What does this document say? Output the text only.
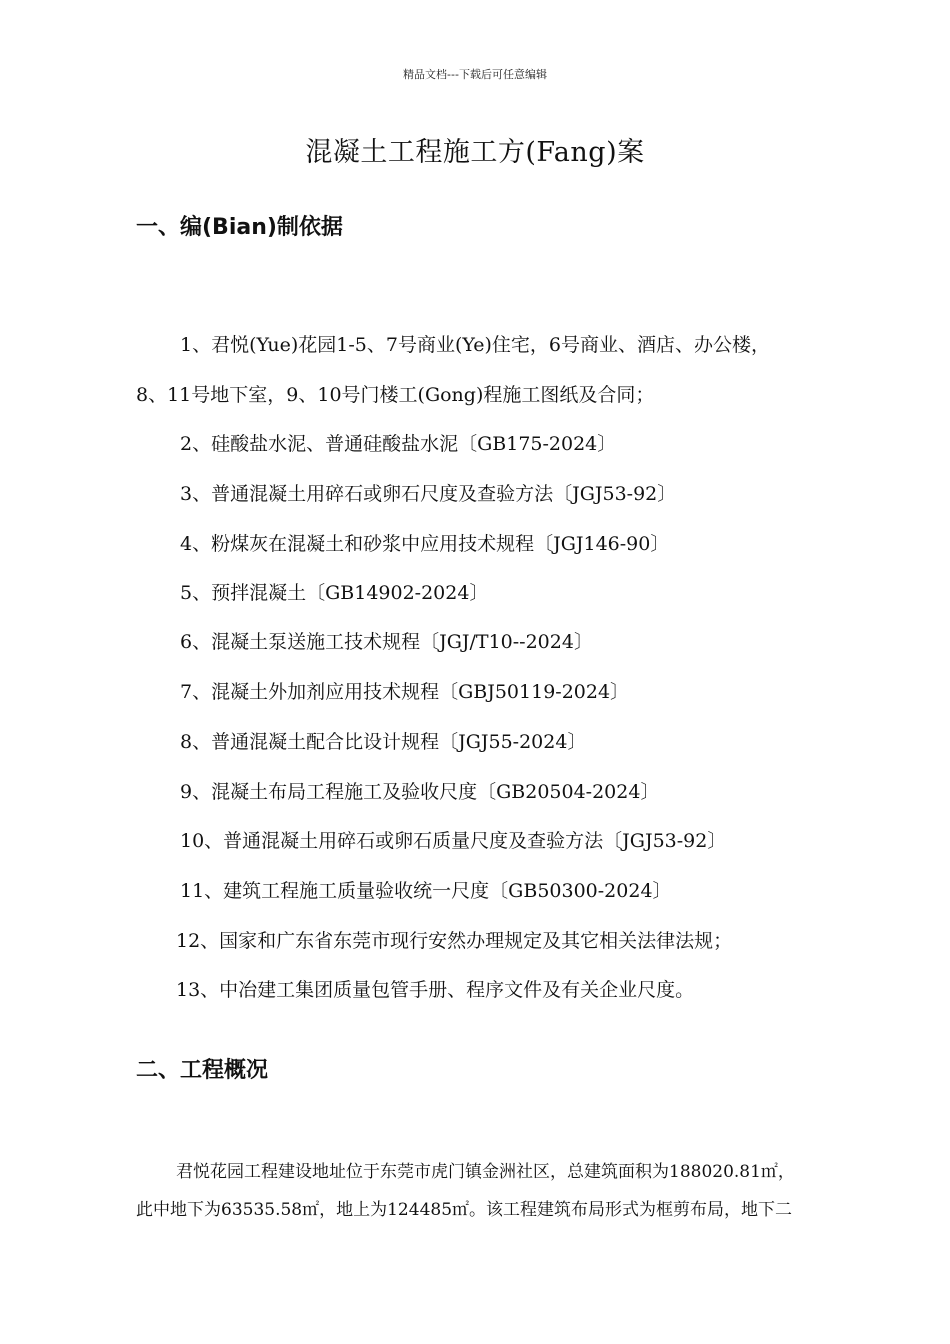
精品文档---下载后可任意编辑
混凝土工程施工方(Fang)案
一、编(Bian)制依据
1、君悦(Yue)花园1-5、7号商业(Ye)住宅，6号商业、酒店、办公楼，
8、11号地下室，9、10号门楼工(Gong)程施工图纸及合同；
2、硅酸盐水泥、普通硅酸盐水泥〔GB175-2024〕
3、普通混凝土用碎石或卵石尺度及查验方法〔JGJ53-92〕
4、粉煤灰在混凝土和砂浆中应用技术规程〔JGJ146-90〕
5、预拌混凝土〔GB14902-2024〕
6、混凝土泵送施工技术规程〔JGJ/T10--2024〕
7、混凝土外加剂应用技术规程〔GBJ50119-2024〕
8、普通混凝土配合比设计规程〔JGJ55-2024〕
9、混凝土布局工程施工及验收尺度〔GB20504-2024〕
10、普通混凝土用碎石或卵石质量尺度及查验方法〔JGJ53-92〕
11、建筑工程施工质量验收统一尺度〔GB50300-2024〕
12、国家和广东省东莞市现行安然办理规定及其它相关法律法规；
13、中冶建工集团质量包管手册、程序文件及有关企业尺度。
二、工程概况
君悦花园工程建设地址位于东莞市虎门镇金洲社区，总建筑面积为188020.81㎡，
此中地下为63535.58㎡，地上为124485㎡。该工程建筑布局形式为框剪布局，地下二
